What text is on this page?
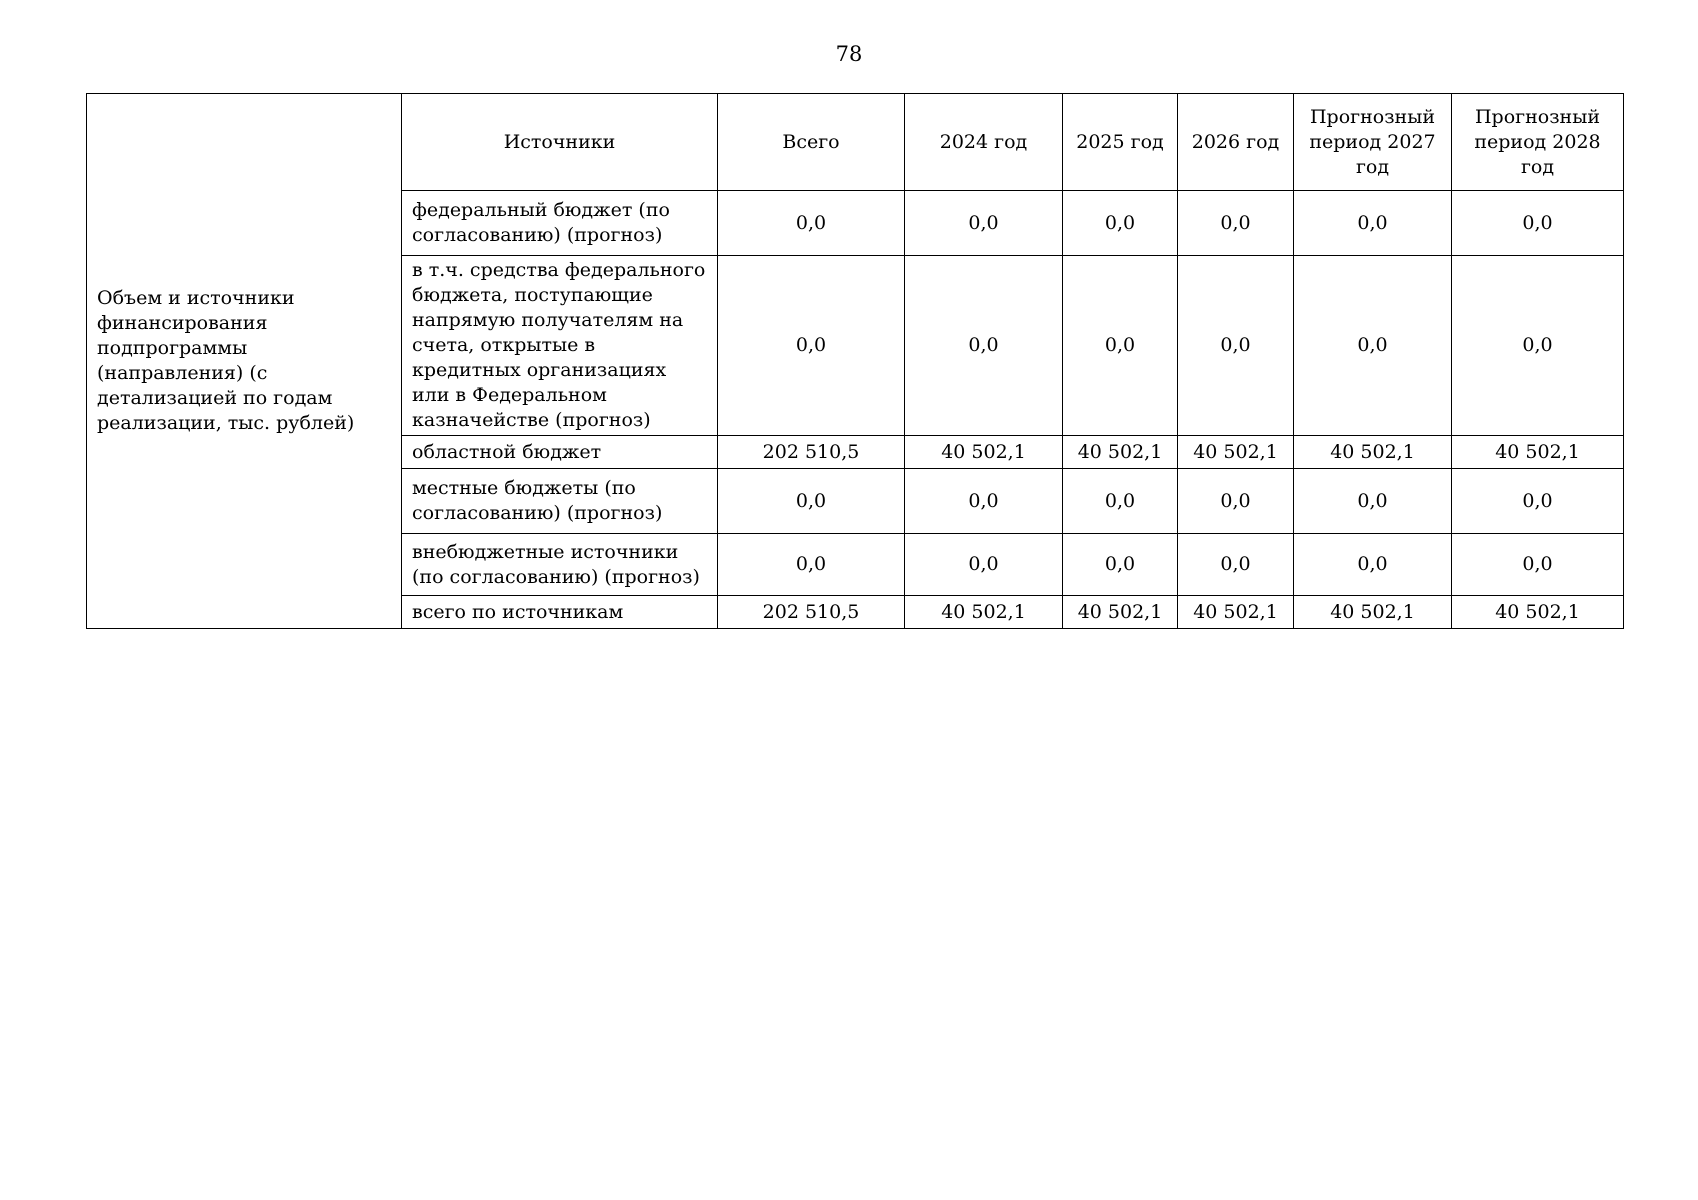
78
Объем и источники финансирования подпрограммы (направления) (с детализацией по годам реализации, тыс. рублей)	Источники	Всего	2024 год	2025 год	2026 год	Прогнозный период 2027 год	Прогнозный период 2028 год
	федеральный бюджет (по согласованию) (прогноз)	0,0	0,0	0,0	0,0	0,0	0,0
	в т.ч. средства федерального бюджета, поступающие напрямую получателям на счета, открытые в кредитных организациях или в Федеральном казначействе (прогноз)	0,0	0,0	0,0	0,0	0,0	0,0
	областной бюджет	202 510,5	40 502,1	40 502,1	40 502,1	40 502,1	40 502,1
	местные бюджеты (по согласованию) (прогноз)	0,0	0,0	0,0	0,0	0,0	0,0
	внебюджетные источники (по согласованию) (прогноз)	0,0	0,0	0,0	0,0	0,0	0,0
	всего по источникам	202 510,5	40 502,1	40 502,1	40 502,1	40 502,1	40 502,1
